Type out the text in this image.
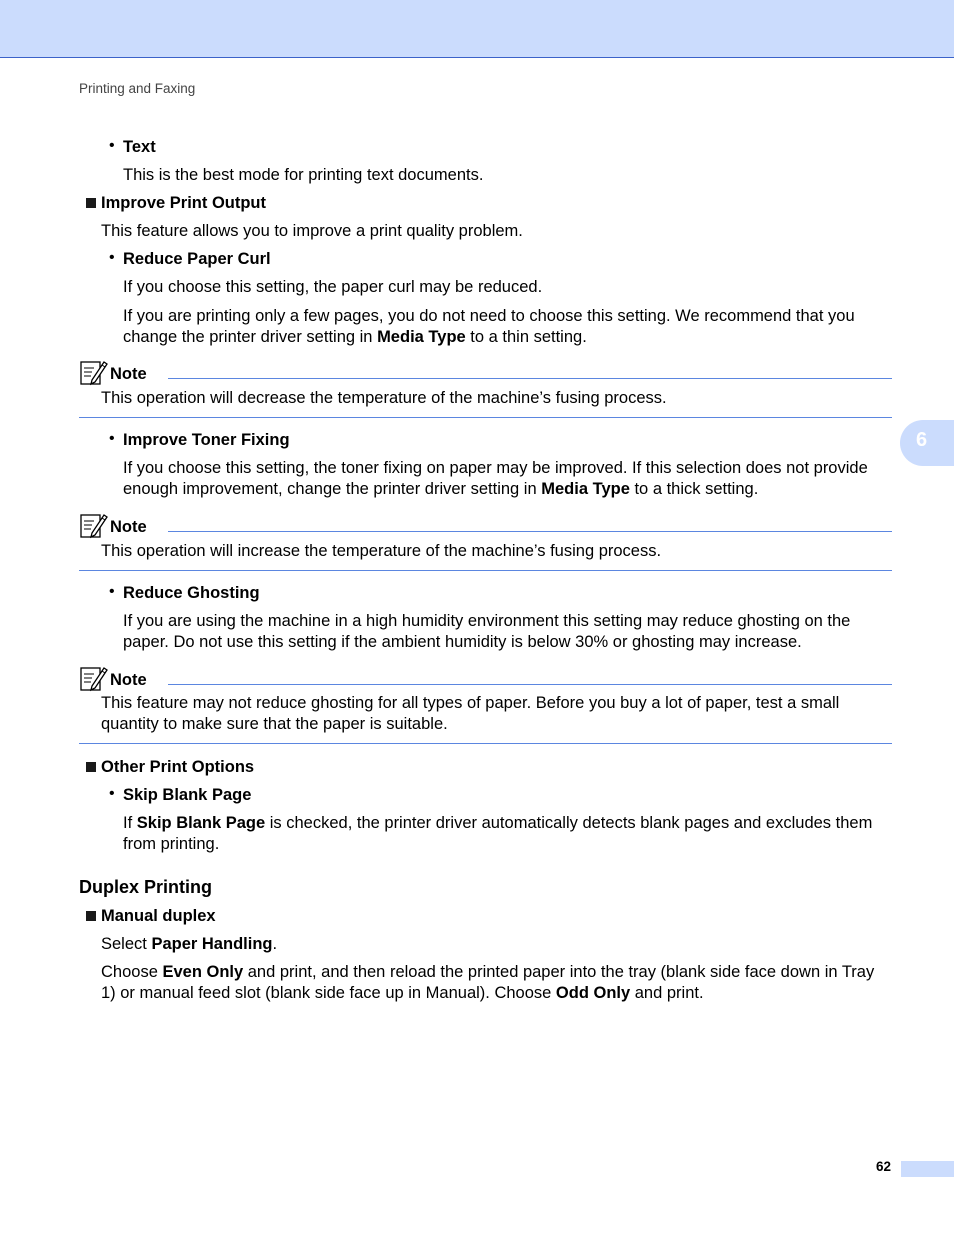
Printing and Faxing
• Text
This is the best mode for printing text documents.
Improve Print Output
This feature allows you to improve a print quality problem.
• Reduce Paper Curl
If you choose this setting, the paper curl may be reduced.
If you are printing only a few pages, you do not need to choose this setting. We recommend that you change the printer driver setting in Media Type to a thin setting.
Note
This operation will decrease the temperature of the machine’s fusing process.
• Improve Toner Fixing
If you choose this setting, the toner fixing on paper may be improved. If this selection does not provide enough improvement, change the printer driver setting in Media Type to a thick setting.
Note
This operation will increase the temperature of the machine’s fusing process.
• Reduce Ghosting
If you are using the machine in a high humidity environment this setting may reduce ghosting on the paper. Do not use this setting if the ambient humidity is below 30% or ghosting may increase.
Note
This feature may not reduce ghosting for all types of paper. Before you buy a lot of paper, test a small quantity to make sure that the paper is suitable.
Other Print Options
• Skip Blank Page
If Skip Blank Page is checked, the printer driver automatically detects blank pages and excludes them from printing.
Duplex Printing
Manual duplex
Select Paper Handling.
Choose Even Only and print, and then reload the printed paper into the tray (blank side face down in Tray 1) or manual feed slot (blank side face up in Manual). Choose Odd Only and print.
6
62
